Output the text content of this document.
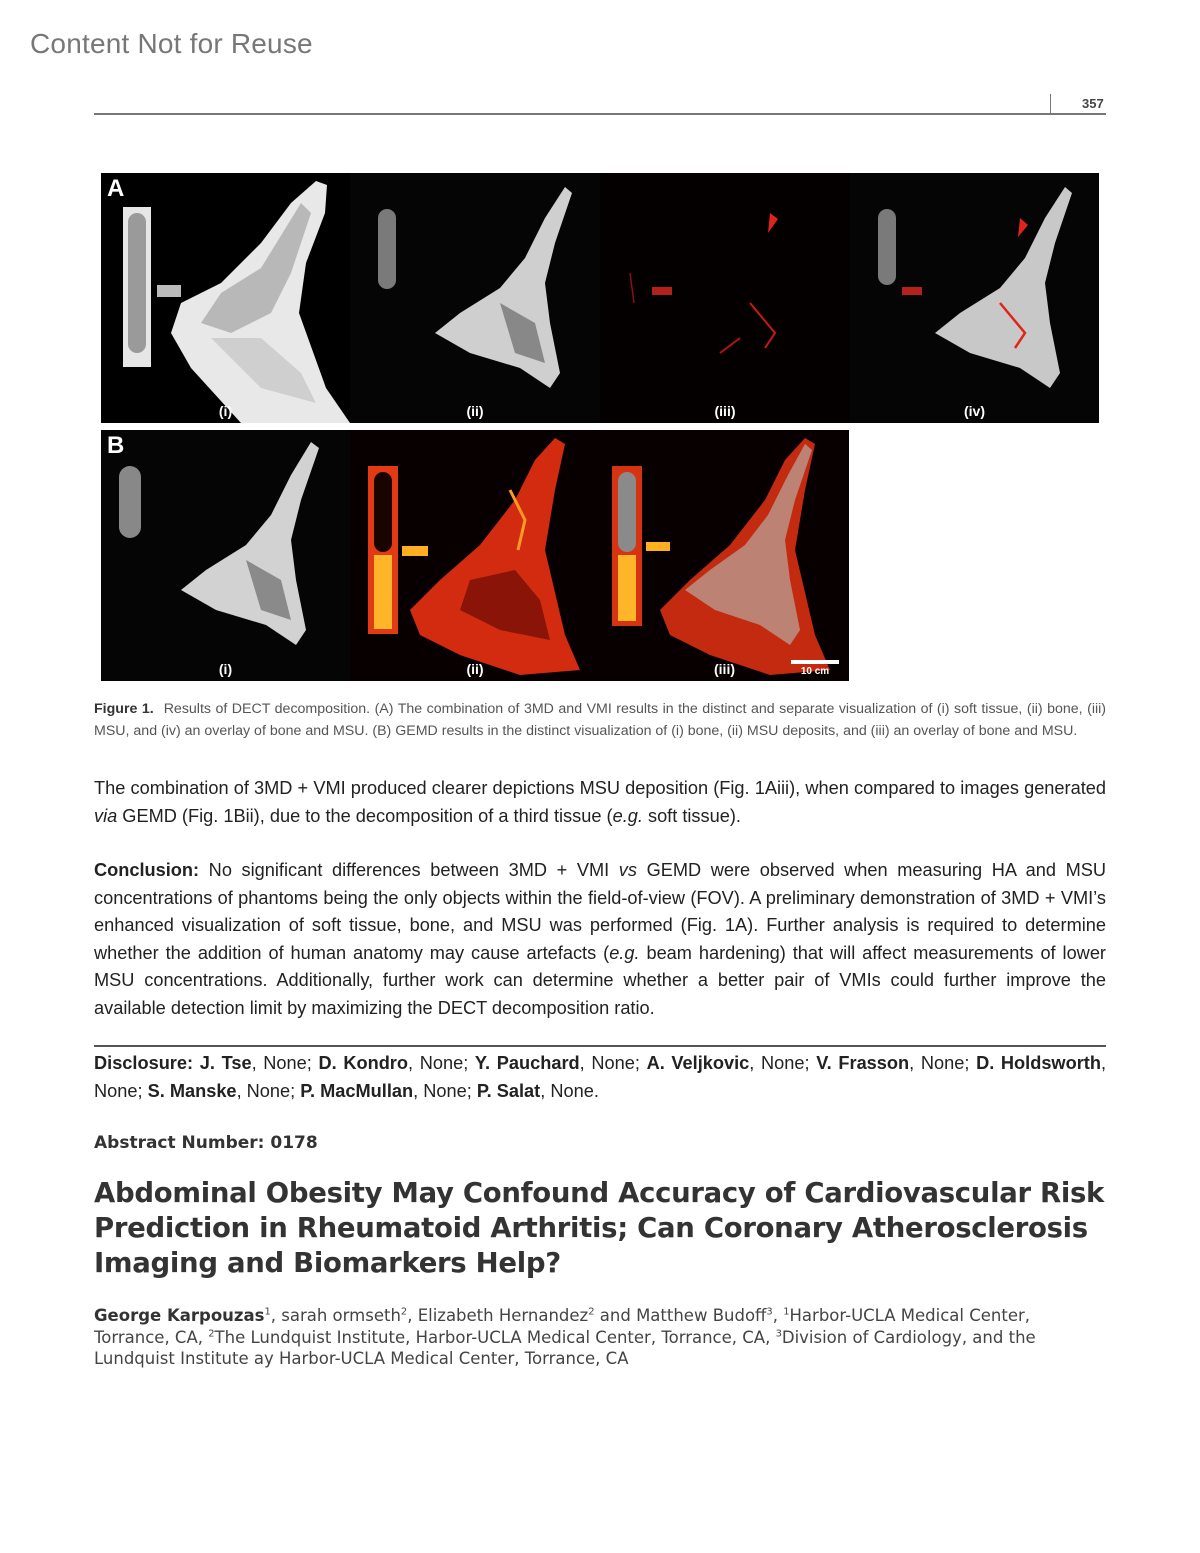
Content Not for Reuse
357
A
(i)	(ii)	(iii)	(iv)
B
(i)	(ii)	(iii)	10 cm
Figure 1. Results of DECT decomposition. (A) The combination of 3MD and VMI results in the distinct and separate visualization of (i) soft tissue, (ii) bone, (iii) MSU, and (iv) an overlay of bone and MSU. (B) GEMD results in the distinct visualization of (i) bone, (ii) MSU deposits, and (iii) an overlay of bone and MSU.
The combination of 3MD + VMI produced clearer depictions MSU deposition (Fig. 1Aiii), when compared to images generated via GEMD (Fig. 1Bii), due to the decomposition of a third tissue (e.g. soft tissue).
Conclusion: No significant differences between 3MD + VMI vs GEMD were observed when measuring HA and MSU concentrations of phantoms being the only objects within the field-of-view (FOV). A preliminary demonstration of 3MD + VMI’s enhanced visualization of soft tissue, bone, and MSU was performed (Fig. 1A). Further analysis is required to determine whether the addition of human anatomy may cause artefacts (e.g. beam hardening) that will affect measurements of lower MSU concentrations. Additionally, further work can determine whether a better pair of VMIs could further improve the available detection limit by maximizing the DECT decomposition ratio.
Disclosure: J. Tse, None; D. Kondro, None; Y. Pauchard, None; A. Veljkovic, None; V. Frasson, None; D. Holdsworth, None; S. Manske, None; P. MacMullan, None; P. Salat, None.
Abstract Number: 0178
Abdominal Obesity May Confound Accuracy of Cardiovascular Risk Prediction in Rheumatoid Arthritis; Can Coronary Atherosclerosis Imaging and Biomarkers Help?
George Karpouzas$^1$, sarah ormseth$^2$, Elizabeth Hernandez$^2$ and Matthew Budoff$^3$, $^1$Harbor-UCLA Medical Center, Torrance, CA, $^2$The Lundquist Institute, Harbor-UCLA Medical Center, Torrance, CA, $^3$Division of Cardiology, and the Lundquist Institute ay Harbor-UCLA Medical Center, Torrance, CA
